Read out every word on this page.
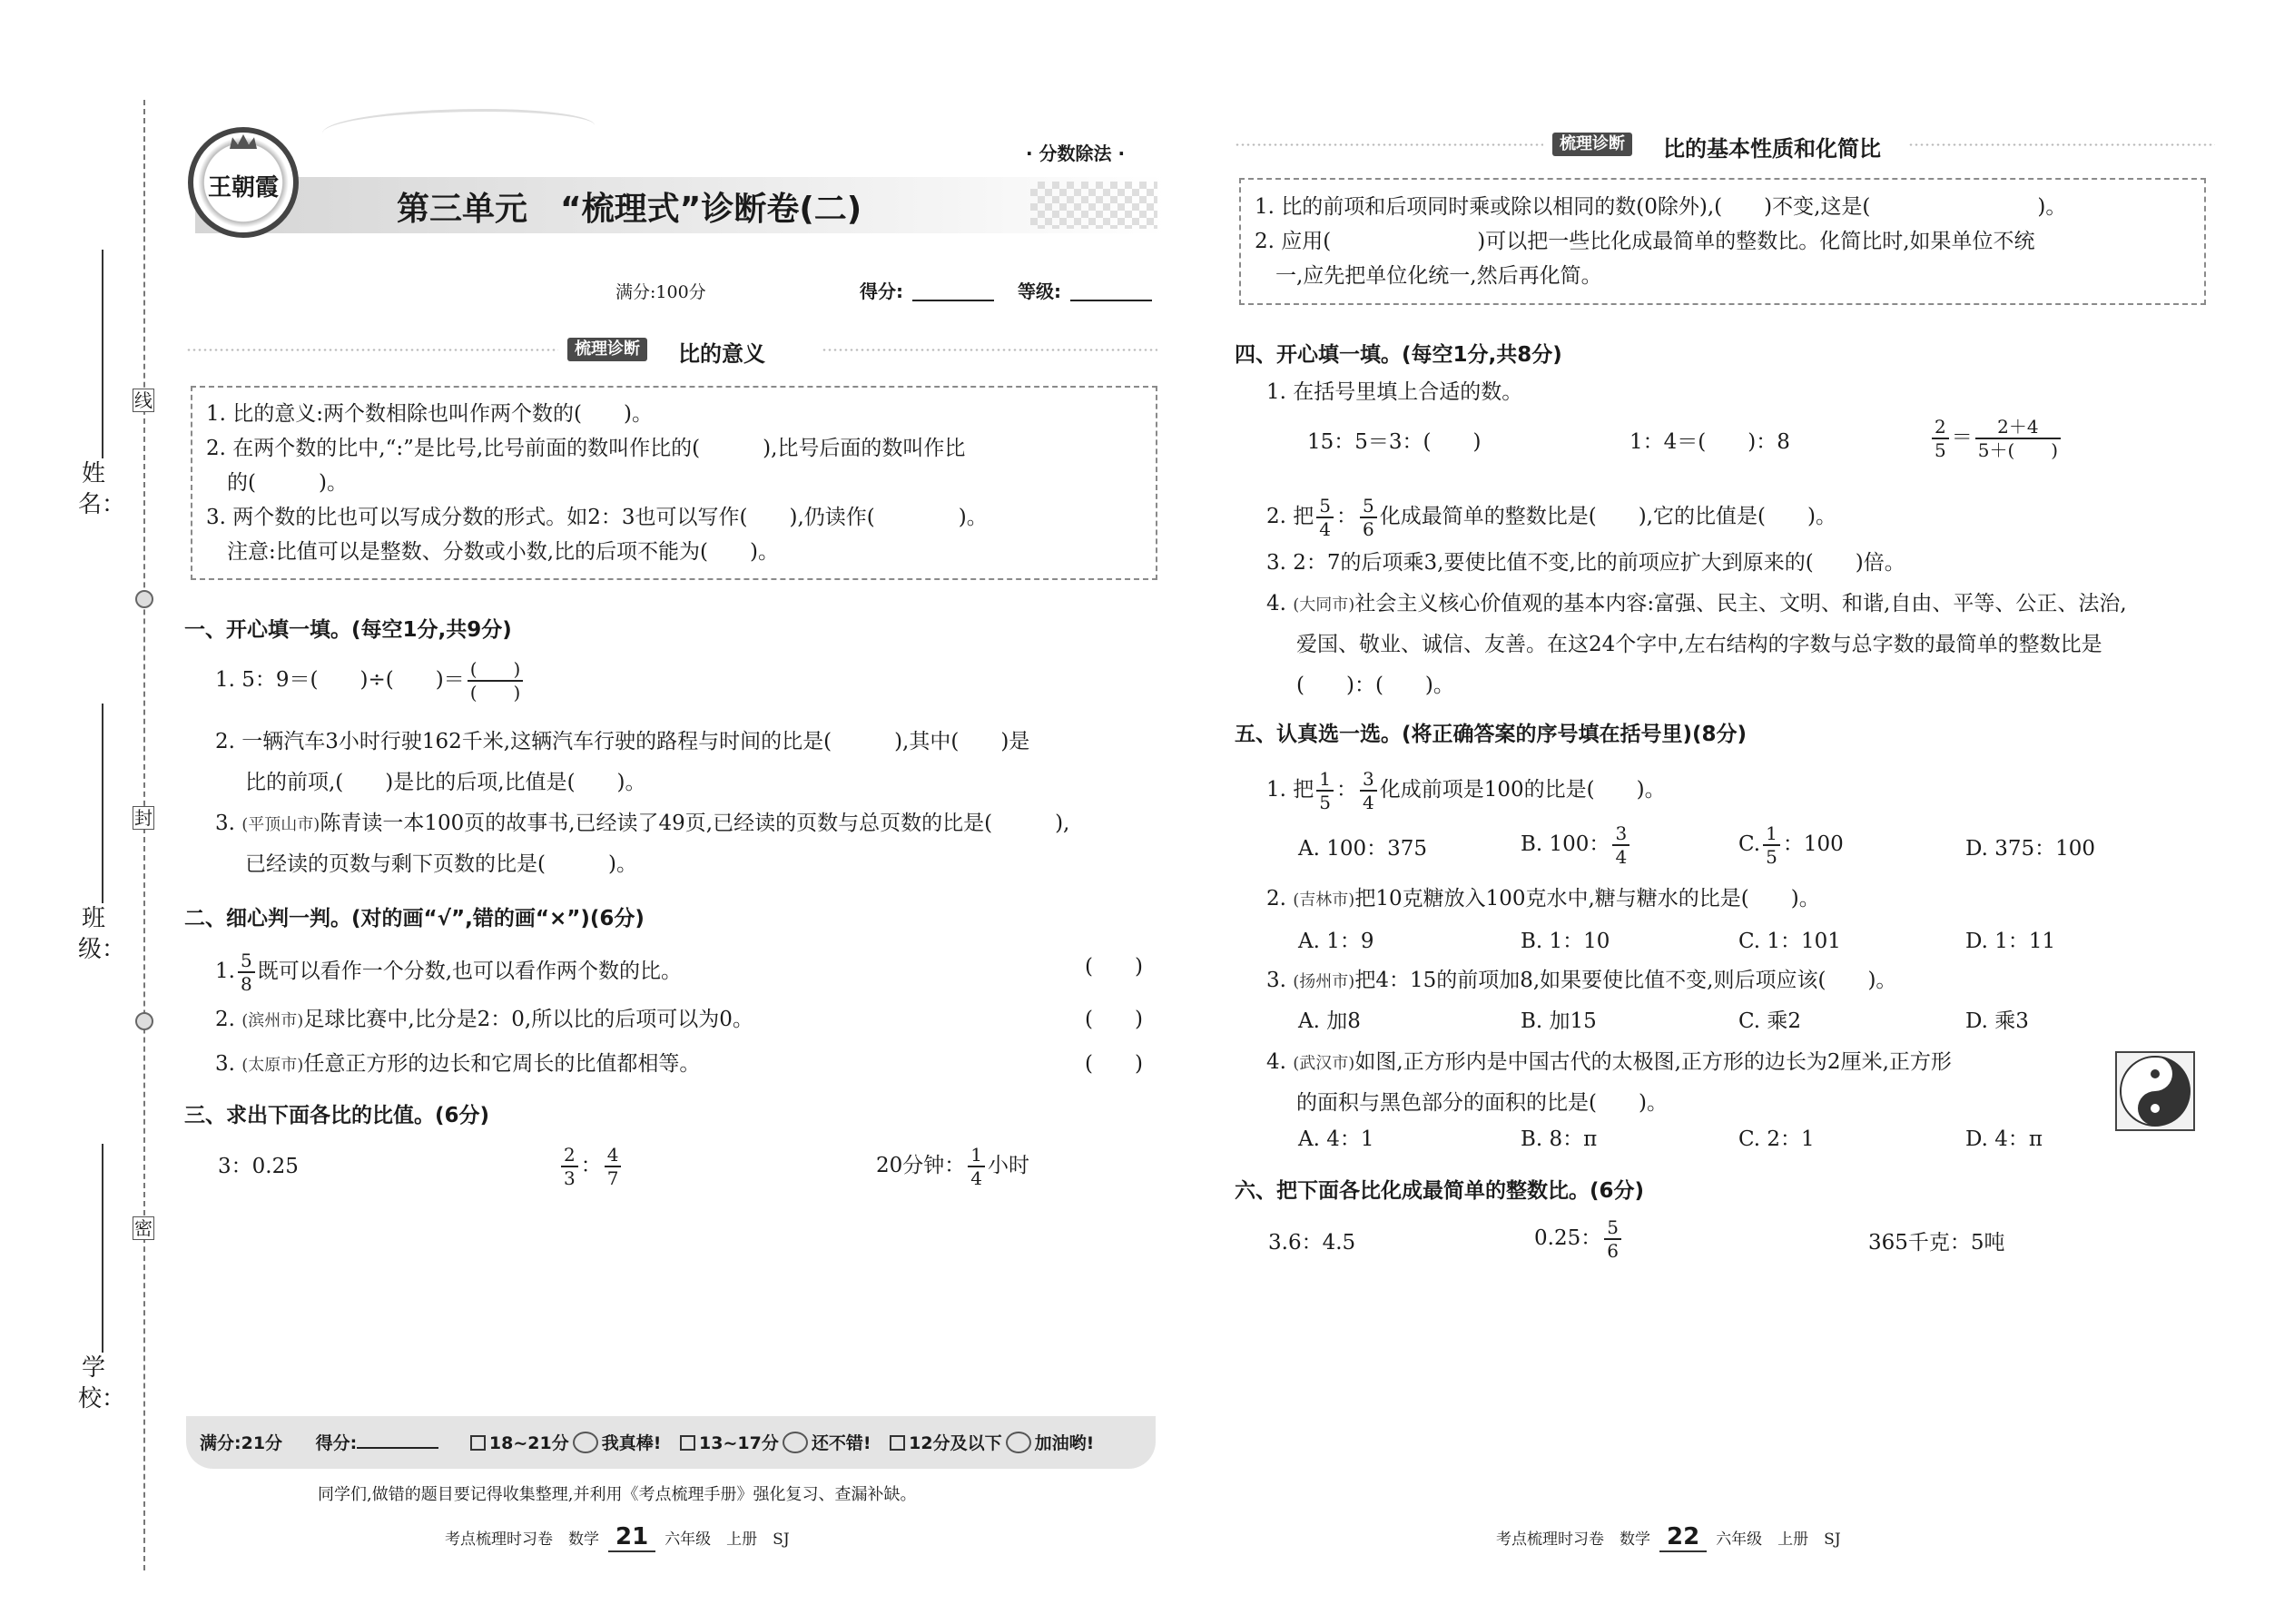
线
封
密
姓名：
班级：
学校：
王朝霞
· 分数除法 ·
第三单元　“梳理式”诊断卷(二)
满分:100分	得分:	等级:
梳理诊断	比的意义
1. 比的意义:两个数相除也叫作两个数的(　　)。
2. 在两个数的比中,“:”是比号,比号前面的数叫作比的(　　　),比号后面的数叫作比
　的(　　　)。
3. 两个数的比也可以写成分数的形式。如2：3也可以写作(　　),仍读作(　　　　)。
　注意:比值可以是整数、分数或小数,比的后项不能为(　　)。
一、开心填一填。(每空1分,共9分)
1. 5：9＝(　　)÷(　　)＝ $\frac{( )}{( )}$
2. 一辆汽车3小时行驶162千米,这辆汽车行驶的路程与时间的比是(　　　),其中(　　)是
比的前项,(　　)是比的后项,比值是(　　)。
3. (平顶山市)陈青读一本100页的故事书,已经读了49页,已经读的页数与总页数的比是(　　　),
已经读的页数与剩下页数的比是(　　　)。
二、细心判一判。(对的画“√”,错的画“×”)(6分)
1. $\frac{5}{8}$ 既可以看作一个分数,也可以看作两个数的比。	(　　)
2. (滨州市)足球比赛中,比分是2：0,所以比的后项可以为0。	(　　)
3. (太原市)任意正方形的边长和它周长的比值都相等。	(　　)
三、求出下面各比的比值。(6分)
3：0.25	$\frac{2}{3}$ ： $\frac{4}{7}$	20分钟： $\frac{1}{4}$ 小时
满分:21分 得分:	18~21分 我真棒! 13~17分 还不错! 12分及以下 加油哟!
同学们,做错的题目要记得收集整理,并利用《考点梳理手册》强化复习、查漏补缺。
考点梳理时习卷　数学 21 六年级　上册　SJ
梳理诊断	比的基本性质和化简比
1. 比的前项和后项同时乘或除以相同的数(0除外),(　　)不变,这是(　　　　　　　　)。
2. 应用(　　　　　　　)可以把一些比化成最简单的整数比。化简比时,如果单位不统
　一,应先把单位化统一,然后再化简。
四、开心填一填。(每空1分,共8分)
1. 在括号里填上合适的数。
15：5＝3：(　　)	1：4＝(　　)：8	$\frac{2}{5} = \frac{2+4}{5+( )}$
2. 把 $\frac{5}{4}$ ： $\frac{5}{6}$ 化成最简单的整数比是(　　),它的比值是(　　)。
3. 2：7的后项乘3,要使比值不变,比的前项应扩大到原来的(　　)倍。
4. (大同市)社会主义核心价值观的基本内容:富强、民主、文明、和谐,自由、平等、公正、法治,
爱国、敬业、诚信、友善。在这24个字中,左右结构的字数与总字数的最简单的整数比是
(　　)：(　　)。
五、认真选一选。(将正确答案的序号填在括号里)(8分)
1. 把 $\frac{1}{5}$ ： $\frac{3}{4}$ 化成前项是100的比是(　　)。
A. 100：375	B. 100： $\frac{3}{4}$	C. $\frac{1}{5}$ ：100	D. 375：100
2. (吉林市)把10克糖放入100克水中,糖与糖水的比是(　　)。
A. 1：9	B. 1：10	C. 1：101	D. 1：11
3. (扬州市)把4：15的前项加8,如果要使比值不变,则后项应该(　　)。
A. 加8	B. 加15	C. 乘2	D. 乘3
4. (武汉市)如图,正方形内是中国古代的太极图,正方形的边长为2厘米,正方形
的面积与黑色部分的面积的比是(　　)。
A. 4：1	B. 8：π	C. 2：1	D. 4：π
六、把下面各比化成最简单的整数比。(6分)
3.6：4.5	0.25： $\frac{5}{6}$	365千克：5吨
考点梳理时习卷　数学 22 六年级　上册　SJ
